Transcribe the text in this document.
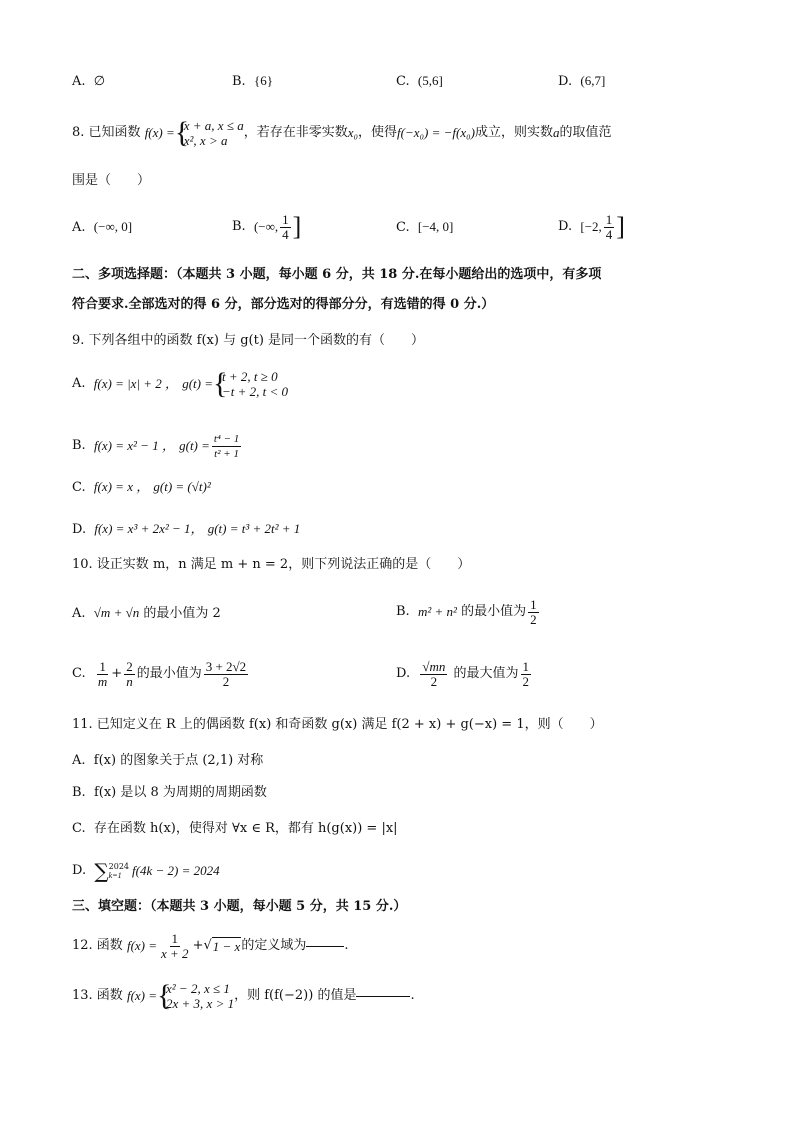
A. ∅	B. {6}	C. (5,6]	D. (6,7]
8. 已知函数
f(x) = {
x + a, x ≤ a
x², x > a
，若存在非零实数 x₀ ，使得 f(−x₀) = −f(x₀) 成立，则实数 a 的取值范
围是（　　）
A. (−∞, 0]	B.
(−∞, $\frac{1}{4}$ ]	C. [−4, 0]	D.
[−2, $\frac{1}{4}$ ]
二、多项选择题：（本题共 3 小题，每小题 6 分，共 18 分.在每小题给出的选项中，有多项
符合要求.全部选对的得 6 分，部分选对的得部分分，有选错的得 0 分.）
9. 下列各组中的函数 f(x) 与 g(t) 是同一个函数的有（　　）
A.
f(x) = |x| + 2 ，
g(t) = {
t + 2, t ≥ 0
−t + 2, t < 0
B.
f(x) = x² − 1 ，
$g(t) = \frac{\text{t⁴ − 1}}{\text{t² + 1}}$
C. f(x) = x ， g(t) = (√t)²
D. f(x) = x³ + 2x² − 1， g(t) = t³ + 2t² + 1
10. 设正实数 m，n 满足 m + n = 2，则下列说法正确的是（　　）
A. √m + √n 的最小值为 2	B.
m² + n²
的最小值为 $\frac{1}{2}$
C.
$\frac{1}{m} + \frac{2}{n}$ 的最小值为 $\frac{3 + 2√2}{2}$	D.
$\frac{√mn}{2}$
的最大值为 $\frac{1}{2}$
11. 已知定义在 R 上的偶函数 f(x) 和奇函数 g(x) 满足 f(2 + x) + g(−x) = 1，则（　　）
A. f(x) 的图象关于点 (2,1) 对称
B. f(x) 是以 8 为周期的周期函数
C. 存在函数 h(x)，使得对 ∀x ∈ R，都有 h(g(x)) = |x|
D.
∑ 2024
k=1 f(4k − 2) = 2024
三、填空题：（本题共 3 小题，每小题 5 分，共 15 分.）
12. 函数
$f(x) = \frac{1}{x + 2}$ + √ 1 − x 的定义域为	.
13. 函数
f(x) = {
x² − 2, x ≤ 1
2x + 3, x > 1
，则 f(f(−2)) 的值是	.
